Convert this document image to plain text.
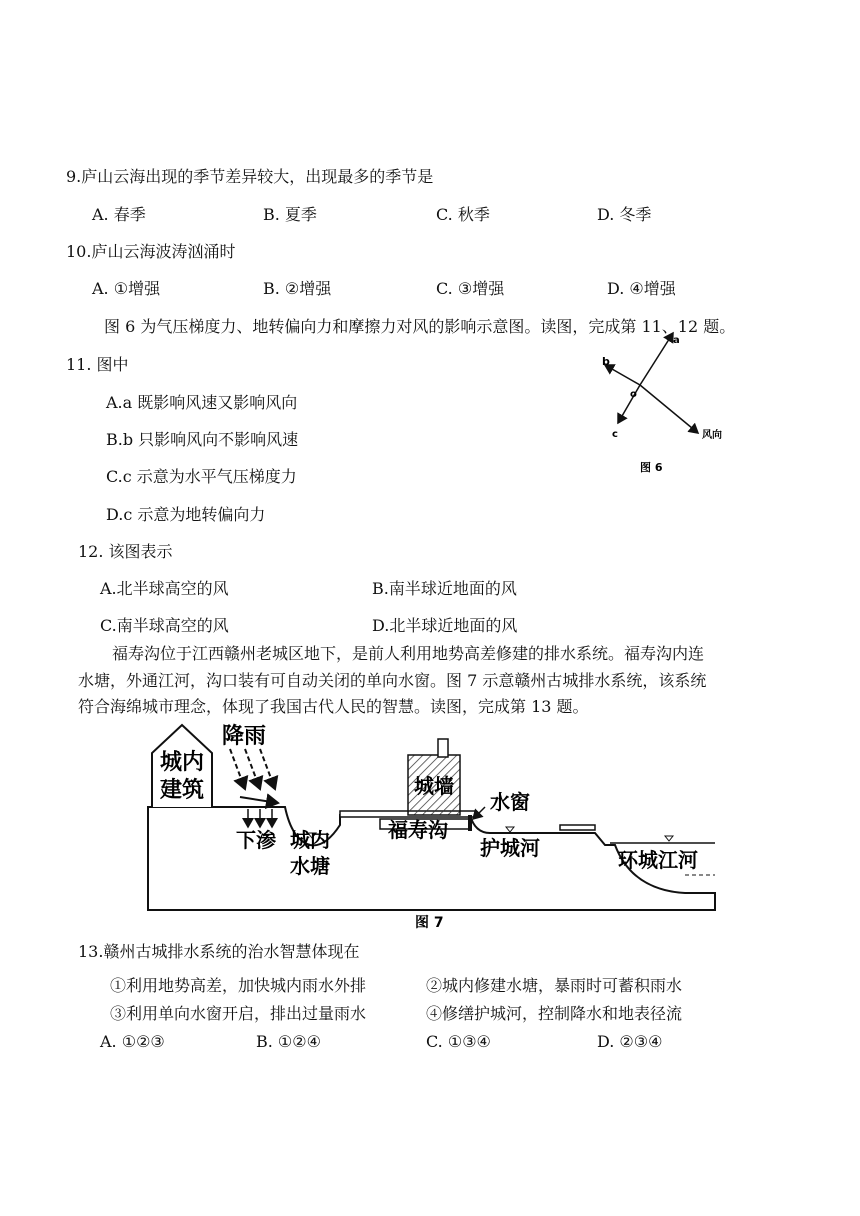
9.庐山云海出现的季节差异较大，出现最多的季节是
A. 春季	B. 夏季	C. 秋季	D. 冬季
10.庐山云海波涛汹涌时
A. ①增强	B. ②增强	C. ③增强	D. ④增强
图 6 为气压梯度力、地转偏向力和摩擦力对风的影响示意图。读图，完成第 11、12 题。
11. 图中
A.a 既影响风速又影响风向
B.b 只影响风向不影响风速
C.c 示意为水平气压梯度力
D.c 示意为地转偏向力
a
b
c
o
风向
图 6
12. 该图表示
A.北半球高空的风	B.南半球近地面的风
C.南半球高空的风	D.北半球近地面的风
福寿沟位于江西赣州老城区地下，是前人利用地势高差修建的排水系统。福寿沟内连
水塘，外通江河，沟口装有可自动关闭的单向水窗。图 7 示意赣州古城排水系统，该系统
符合海绵城市理念，体现了我国古代人民的智慧。读图，完成第 13 题。
城内
建筑
降雨
下渗 城内
水塘
城墙
福寿沟
水窗
护城河	环城江河
图 7
13.赣州古城排水系统的治水智慧体现在
①利用地势高差，加快城内雨水外排	②城内修建水塘，暴雨时可蓄积雨水
③利用单向水窗开启，排出过量雨水	④修缮护城河，控制降水和地表径流
A. ①②③	B. ①②④	C. ①③④	D. ②③④
